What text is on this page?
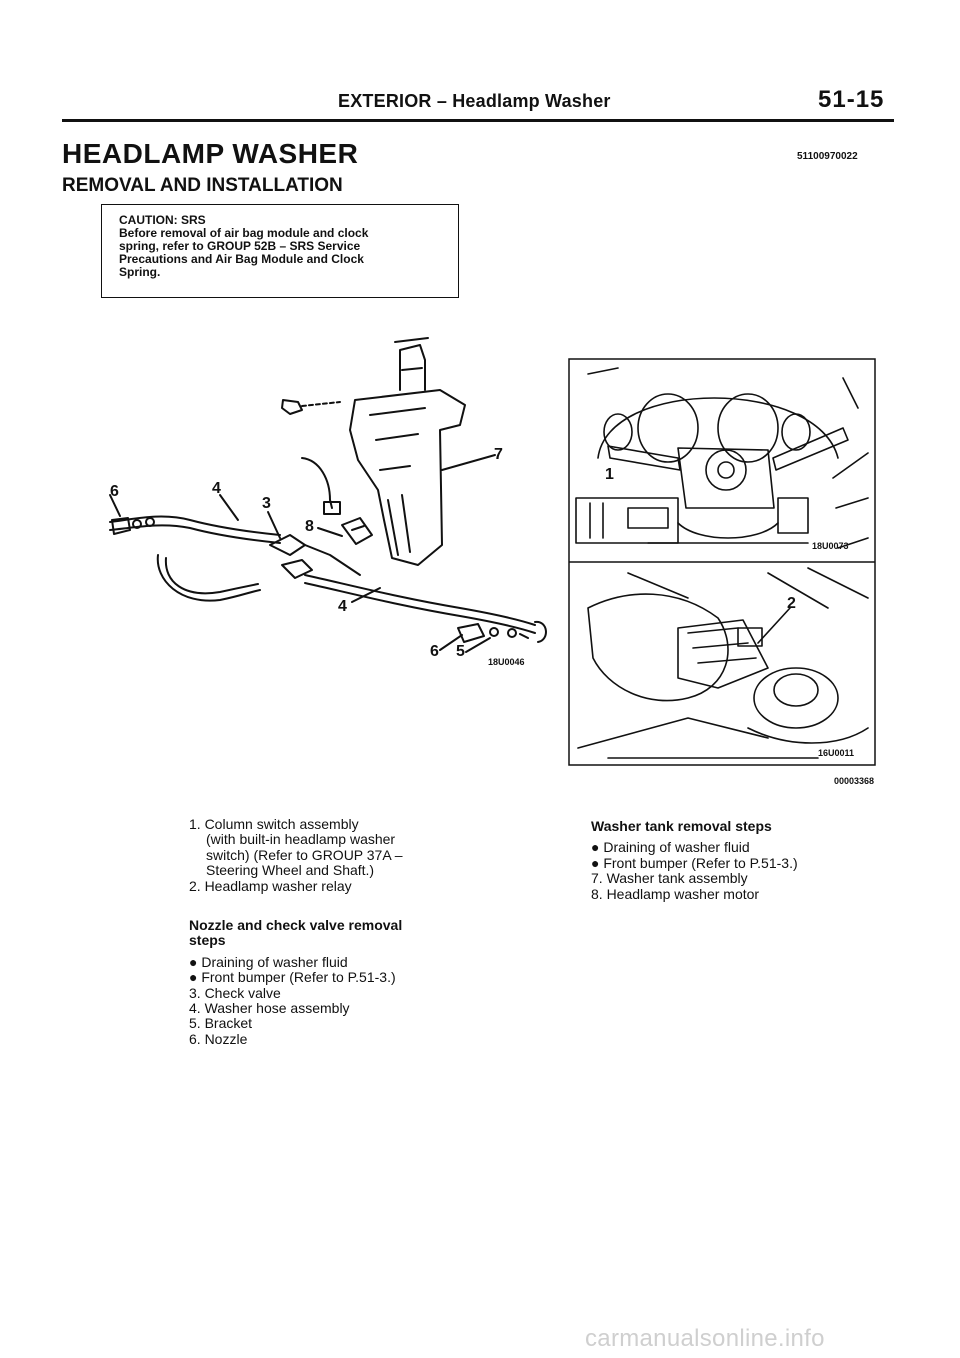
EXTERIOR – Headlamp Washer	51-15
HEADLAMP WASHER	51100970022
REMOVAL AND INSTALLATION
CAUTION: SRS
Before removal of air bag module and clock
spring, refer to GROUP 52B – SRS Service
Precautions and Air Bag Module and Clock
Spring.
6	4
3
8
7
4
6 5
18U0046
1
18U0073
2
16U0011
00003368
1. Column switch assembly
(with built-in headlamp washer
switch) (Refer to GROUP 37A –
Steering Wheel and Shaft.)
2. Headlamp washer relay
Nozzle and check valve removal
steps
● Draining of washer fluid
● Front bumper (Refer to P.51-3.)
3. Check valve
4. Washer hose assembly
5. Bracket
6. Nozzle
Washer tank removal steps
● Draining of washer fluid
● Front bumper (Refer to P.51-3.)
7. Washer tank assembly
8. Headlamp washer motor
carmanualsonline.info
